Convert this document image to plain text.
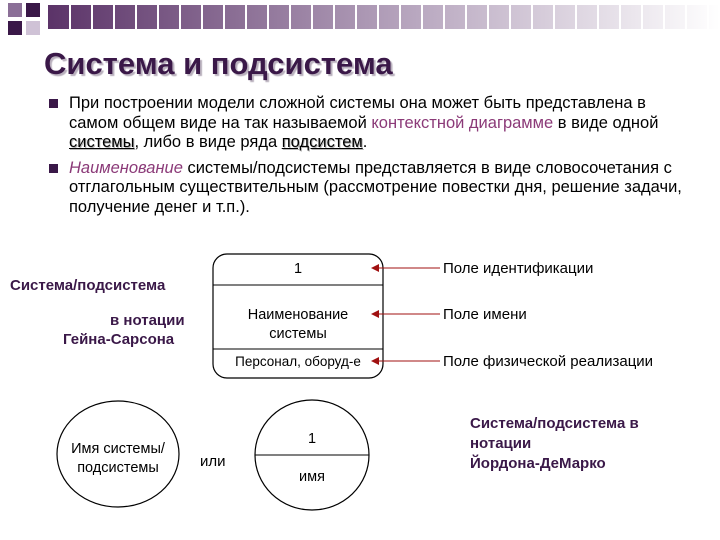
Система и подсистема
При построении модели сложной системы она может быть представлена в самом общем виде на так называемой контекстной диаграмме в виде одной системы, либо в виде ряда подсистем.
Наименование системы/подсистемы представляется в виде словосочетания с отглагольным существительным (рассмотрение повестки дня, решение задачи, получение денег и т.п.).
1
Наименование
системы
Персонал, оборуд-е
Поле идентификации
Поле имени
Поле физической реализации
Система/подсистема
в нотации
Гейна-Сарсона
Имя системы/
подсистемы	или
1
имя
Система/подсистема в
нотации
Йордона-ДеМарко
